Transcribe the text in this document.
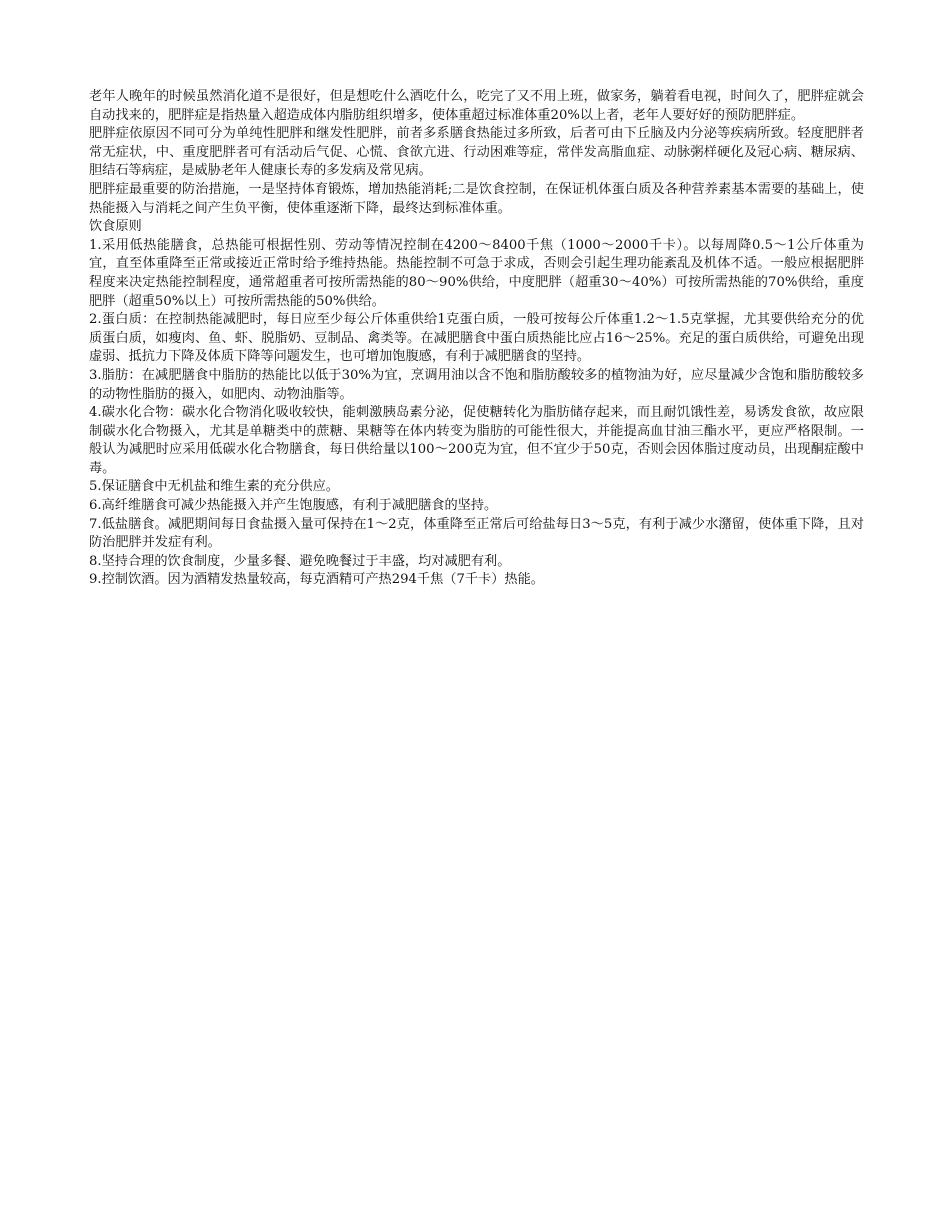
老年人晚年的时候虽然消化道不是很好，但是想吃什么酒吃什么，吃完了又不用上班，做家务，躺着看电视，时间久了，肥胖症就会自动找来的，肥胖症是指热量入超造成体内脂肪组织增多，使体重超过标准体重20%以上者，老年人要好好的预防肥胖症。

肥胖症依原因不同可分为单纯性肥胖和继发性肥胖，前者多系膳食热能过多所致，后者可由下丘脑及内分泌等疾病所致。轻度肥胖者常无症状，中、重度肥胖者可有活动后气促、心慌、食欲亢进、行动困难等症，常伴发高脂血症、动脉粥样硬化及冠心病、糖尿病、胆结石等病症，是威胁老年人健康长寿的多发病及常见病。

肥胖症最重要的防治措施，一是坚持体育锻炼，增加热能消耗;二是饮食控制，在保证机体蛋白质及各种营养素基本需要的基础上，使热能摄入与消耗之间产生负平衡，使体重逐渐下降，最终达到标准体重。

饮食原则

1.采用低热能膳食，总热能可根据性别、劳动等情况控制在4200～8400千焦（1000～2000千卡）。以每周降0.5～1公斤体重为宜，直至体重降至正常或接近正常时给予维持热能。热能控制不可急于求成，否则会引起生理功能紊乱及机体不适。一般应根据肥胖程度来决定热能控制程度，通常超重者可按所需热能的80～90%供给，中度肥胖（超重30～40%）可按所需热能的70%供给，重度肥胖（超重50%以上）可按所需热能的50%供给。

2.蛋白质：在控制热能减肥时，每日应至少每公斤体重供给1克蛋白质，一般可按每公斤体重1.2～1.5克掌握，尤其要供给充分的优质蛋白质，如瘦肉、鱼、虾、脱脂奶、豆制品、禽类等。在减肥膳食中蛋白质热能比应占16～25%。充足的蛋白质供给，可避免出现虚弱、抵抗力下降及体质下降等问题发生，也可增加饱腹感，有利于减肥膳食的坚持。

3.脂肪：在减肥膳食中脂肪的热能比以低于30%为宜，烹调用油以含不饱和脂肪酸较多的植物油为好，应尽量减少含饱和脂肪酸较多的动物性脂肪的摄入，如肥肉、动物油脂等。

4.碳水化合物：碳水化合物消化吸收较快，能刺激胰岛素分泌，促使糖转化为脂肪储存起来，而且耐饥饿性差，易诱发食欲，故应限制碳水化合物摄入，尤其是单糖类中的蔗糖、果糖等在体内转变为脂肪的可能性很大，并能提高血甘油三酯水平，更应严格限制。一般认为减肥时应采用低碳水化合物膳食，每日供给量以100～200克为宜，但不宜少于50克，否则会因体脂过度动员，出现酮症酸中毒。

5.保证膳食中无机盐和维生素的充分供应。

6.高纤维膳食可减少热能摄入并产生饱腹感，有利于减肥膳食的坚持。

7.低盐膳食。减肥期间每日食盐摄入量可保持在1～2克，体重降至正常后可给盐每日3～5克，有利于减少水潴留，使体重下降，且对防治肥胖并发症有利。

8.坚持合理的饮食制度，少量多餐、避免晚餐过于丰盛，均对减肥有利。

9.控制饮酒。因为酒精发热量较高，每克酒精可产热294千焦（7千卡）热能。
